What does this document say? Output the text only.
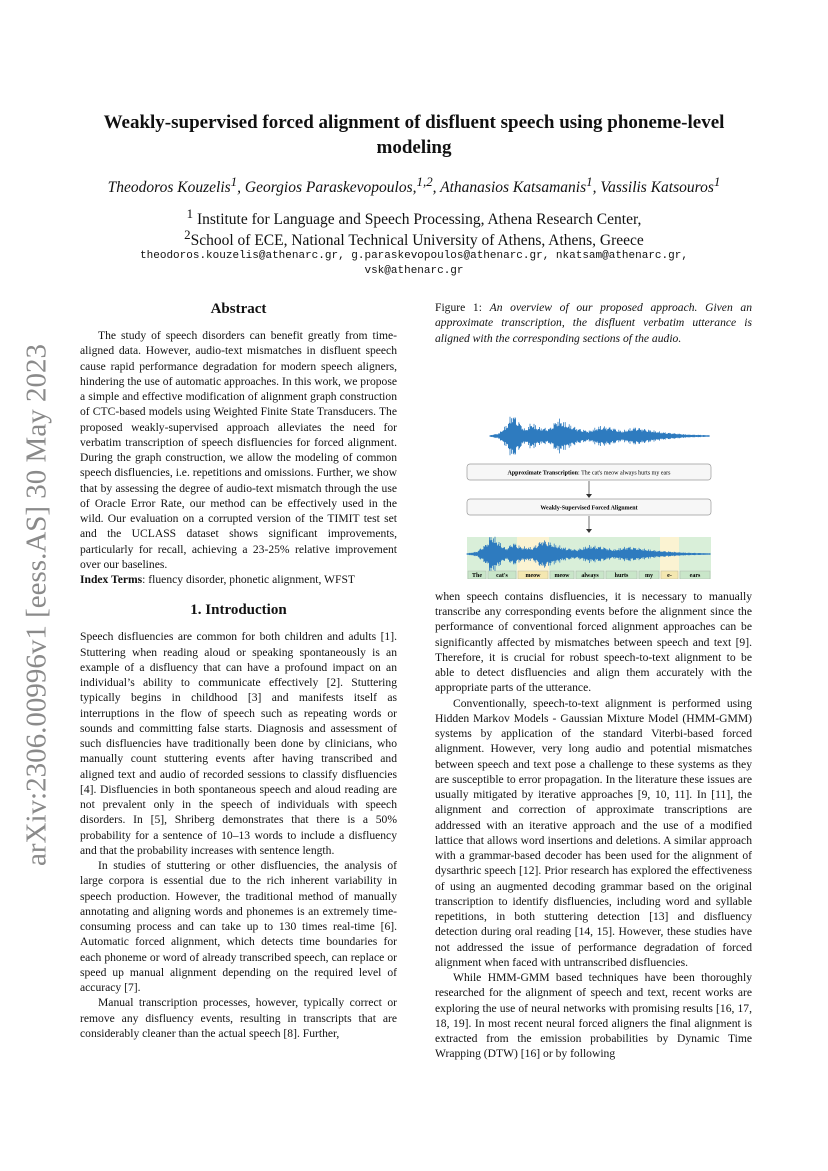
arXiv:2306.00996v1 [eess.AS] 30 May 2023
Weakly-supervised forced alignment of disfluent speech using phoneme-level modeling
Theodoros Kouzelis$^1$, Georgios Paraskevopoulos,$^{1,2}$, Athanasios Katsamanis$^1$, Vassilis Katsouros$^1$
$^1$ Institute for Language and Speech Processing, Athena Research Center,
$^2$School of ECE, National Technical University of Athens, Athens, Greece
theodoros.kouzelis@athenarc.gr, g.paraskevopoulos@athenarc.gr, nkatsam@athenarc.gr,
vsk@athenarc.gr
Abstract

The study of speech disorders can benefit greatly from time-aligned data. However, audio-text mismatches in disfluent speech cause rapid performance degradation for modern speech aligners, hindering the use of automatic approaches. In this work, we propose a simple and effective modification of alignment graph construction of CTC-based models using Weighted Finite State Transducers. The proposed weakly-supervised approach alleviates the need for verbatim transcription of speech disfluencies for forced alignment. During the graph construction, we allow the modeling of common speech disfluencies, i.e. repetitions and omissions. Further, we show that by assessing the degree of audio-text mismatch through the use of Oracle Error Rate, our method can be effectively used in the wild. Our evaluation on a corrupted version of the TIMIT test set and the UCLASS dataset shows significant improvements, particularly for recall, achieving a 23-25% relative improvement over our baselines.

Index Terms: fluency disorder, phonetic alignment, WFST

1. Introduction

Speech disfluencies are common for both children and adults [1]. Stuttering when reading aloud or speaking spontaneously is an example of a disfluency that can have a profound impact on an individual’s ability to communicate effectively [2]. Stuttering typically begins in childhood [3] and manifests itself as interruptions in the flow of speech such as repeating words or sounds and committing false starts. Diagnosis and assessment of such disfluencies have traditionally been done by clinicians, who manually count stuttering events after having transcribed and aligned text and audio of recorded sessions to classify disfluencies [4]. Disfluencies in both spontaneous speech and aloud reading are not prevalent only in the speech of individuals with speech disorders. In [5], Shriberg demonstrates that there is a 50% probability for a sentence of 10–13 words to include a disfluency and that the probability increases with sentence length.

In studies of stuttering or other disfluencies, the analysis of large corpora is essential due to the rich inherent variability in speech production. However, the traditional method of manually annotating and aligning words and phonemes is an extremely time-consuming process and can take up to 130 times real-time [6]. Automatic forced alignment, which detects time boundaries for each phoneme or word of already transcribed speech, can replace or speed up manual alignment depending on the required level of accuracy [7].

Manual transcription processes, however, typically correct or remove any disfluency events, resulting in transcripts that are considerably cleaner than the actual speech [8]. Further,

Figure 1: An overview of our proposed approach. Given an approximate transcription, the disfluent verbatim utterance is aligned with the corresponding sections of the audio.

Approximate Transcription: The cat's meow always hurts my ears
Weakly-Supervised Forced Alignment
The cat's	meow meow always	hurts	my e-	ears

when speech contains disfluencies, it is necessary to manually transcribe any corresponding events before the alignment since the performance of conventional forced alignment approaches can be significantly affected by mismatches between speech and text [9]. Therefore, it is crucial for robust speech-to-text alignment to be able to detect disfluencies and align them accurately with the appropriate parts of the utterance.

Conventionally, speech-to-text alignment is performed using Hidden Markov Models - Gaussian Mixture Model (HMM-GMM) systems by application of the standard Viterbi-based forced alignment. However, very long audio and potential mismatches between speech and text pose a challenge to these systems as they are susceptible to error propagation. In the literature these issues are usually mitigated by iterative approaches [9, 10, 11]. In [11], the alignment and correction of approximate transcriptions are addressed with an iterative approach and the use of a modified lattice that allows word insertions and deletions. A similar approach with a grammar-based decoder has been used for the alignment of dysarthric speech [12]. Prior research has explored the effectiveness of using an augmented decoding grammar based on the original transcription to identify disfluencies, including word and syllable repetitions, in both stuttering detection [13] and disfluency detection during oral reading [14, 15]. However, these studies have not addressed the issue of performance degradation of forced alignment when faced with untranscribed disfluencies.

While HMM-GMM based techniques have been thoroughly researched for the alignment of speech and text, recent works are exploring the use of neural networks with promising results [16, 17, 18, 19]. In most recent neural forced aligners the final alignment is extracted from the emission probabilities by Dynamic Time Wrapping (DTW) [16] or by following
